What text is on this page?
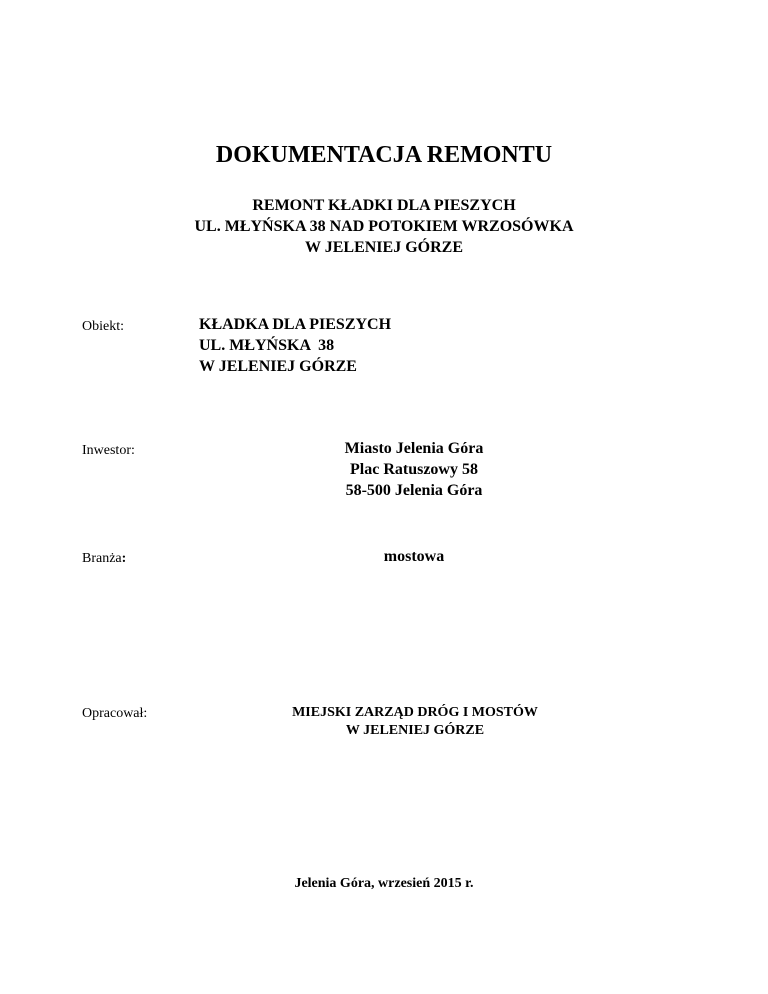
DOKUMENTACJA REMONTU
REMONT KŁADKI DLA PIESZYCH
UL. MŁYŃSKA 38 NAD POTOKIEM WRZOSÓWKA
W JELENIEJ GÓRZE
Obiekt:	KŁADKA DLA PIESZYCH
UL. MŁYŃSKA  38
W JELENIEJ GÓRZE
Inwestor:	Miasto Jelenia Góra
Plac Ratuszowy 58
58-500 Jelenia Góra
Branża:	mostowa
Opracował:	MIEJSKI ZARZĄD DRÓG I MOSTÓW
W JELENIEJ GÓRZE
Jelenia Góra, wrzesień 2015 r.
